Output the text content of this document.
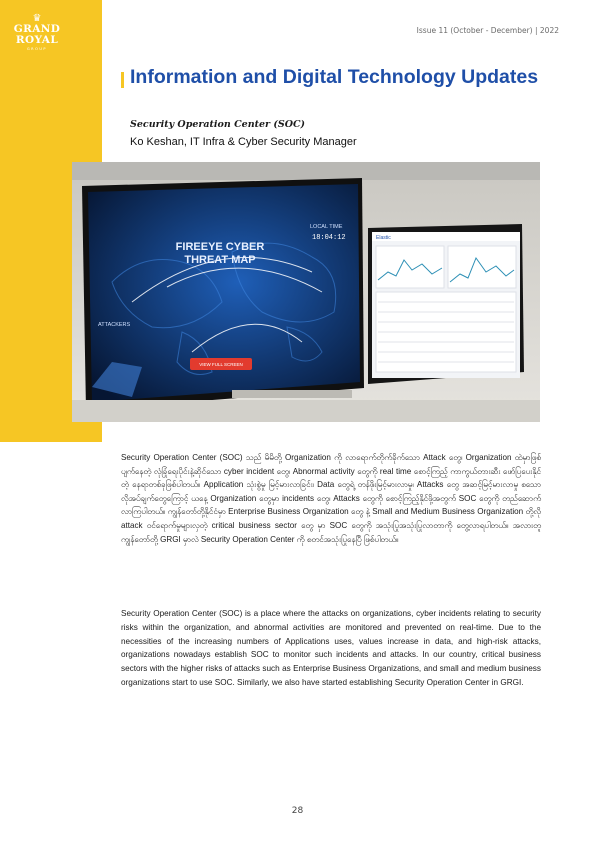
♛
GRAND
ROYAL
GROUP
Issue 11 (October - December) | 2022
Information and Digital Technology Updates
Security Operation Center (SOC)
Ko Keshan, IT Infra & Cyber Security Manager
FIREEYE CYBER
THREAT MAP
LOCAL TIME
18:04:12
ATTACKERS
VIEW FULL SCREEN
Elastic

Security Operation Center (SOC) သည် မိမိတို့ Organization ကို လာရောက်တိုက်ခိုက်သော Attack တွေ၊ Organization ထဲမှာဖြစ်ပျက်နေတဲ့ လုံခြုံရေးပိုင်းနဲ့ဆိုင်သော cyber incident တွေ၊ Abnormal activity တွေကို real time စောင့်ကြည့် ကာကွယ်တားဆီး ဖော်ပြပေးနိုင်တဲ့ နေရာတစ်ခုဖြစ်ပါတယ်။ Application သုံးစွဲမှု မြင့်မားလာခြင်း၊ Data တွေရဲ့ တန်ဖိုးမြင့်မားလာမှု၊ Attacks တွေ အဆင့်မြင့်မားလာမှု စသောလိုအပ်ချက်တွေကြောင့် ယနေ့ Organization တွေမှာ incidents တွေ၊ Attacks တွေကို စောင့်ကြည့်နိုင်ဖို့အတွက် SOC တွေကို တည်ဆောက်လာကြပါတယ်။ ကျွန်တော်တို့နိုင်ငံမှာ Enterprise Business Organization တွေ နဲ့ Small and Medium Business Organization တို့လို attack ဝင်ရောက်မှုများလှတဲ့ critical business sector တွေ မှာ SOC တွေကို အသုံးပြုအသုံးပြုလာတာကို တွေ့လာရပါတယ်။ အလားတူ ကျွန်တော်တို့ GRGI မှာလဲ Security Operation Center ကို စတင်အသုံးပြုနေပြီ ဖြစ်ပါတယ်။

Security Operation Center (SOC) is a place where the attacks on organizations, cyber incidents relating to security risks within the organization, and abnormal activities are monitored and prevented on real-time. Due to the necessities of the increasing numbers of Applications uses, values increase in data, and high-risk attacks, organizations nowadays establish SOC to monitor such incidents and attacks. In our country, critical business sectors with the higher risks of attacks such as Enterprise Business Organizations, and small and medium business organizations start to use SOC. Similarly, we also have started establishing Security Operation Center in GRGI.

28
